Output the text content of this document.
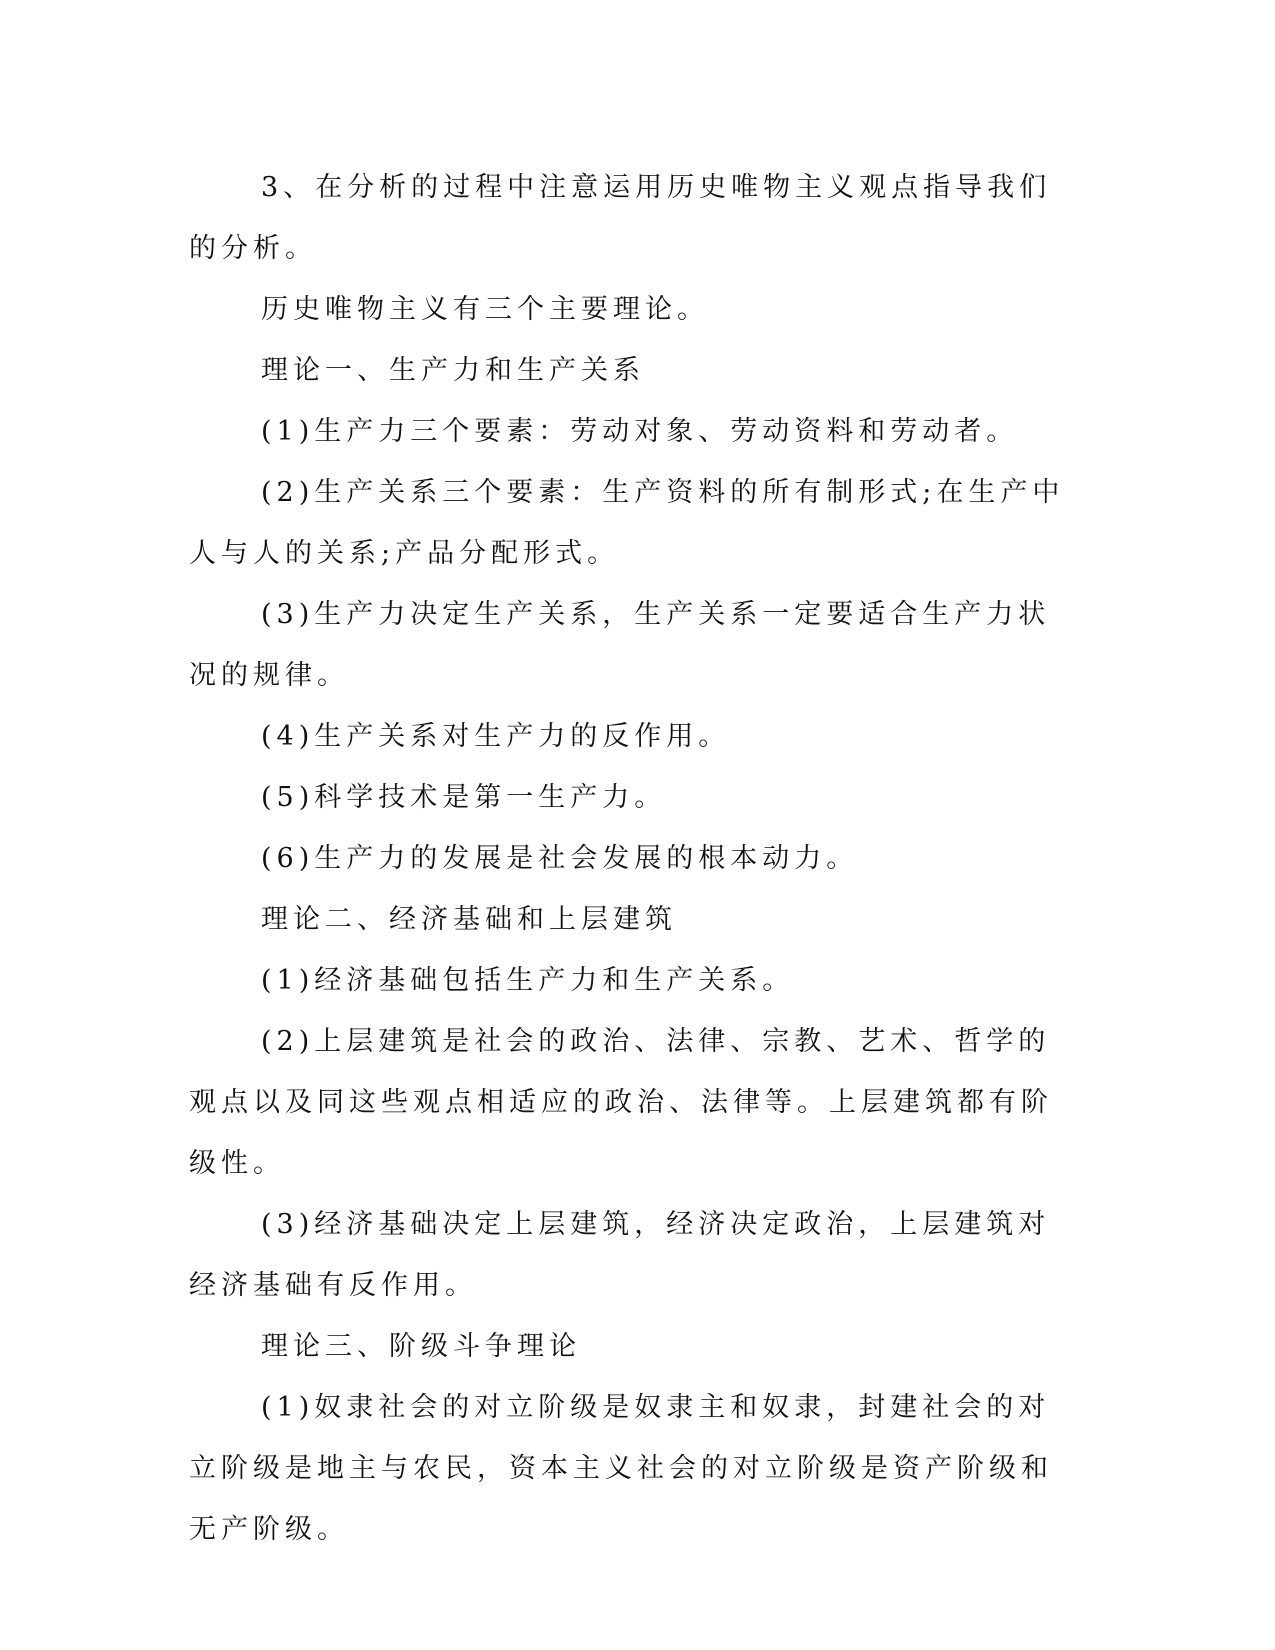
3、在分析的过程中注意运用历史唯物主义观点指导我们的分析。

历史唯物主义有三个主要理论。

理论一、生产力和生产关系

(1)生产力三个要素：劳动对象、劳动资料和劳动者。

(2)生产关系三个要素：生产资料的所有制形式;在生产中人与人的关系;产品分配形式。

(3)生产力决定生产关系，生产关系一定要适合生产力状况的规律。

(4)生产关系对生产力的反作用。

(5)科学技术是第一生产力。

(6)生产力的发展是社会发展的根本动力。

理论二、经济基础和上层建筑

(1)经济基础包括生产力和生产关系。

(2)上层建筑是社会的政治、法律、宗教、艺术、哲学的观点以及同这些观点相适应的政治、法律等。上层建筑都有阶级性。

(3)经济基础决定上层建筑，经济决定政治，上层建筑对经济基础有反作用。

理论三、阶级斗争理论

(1)奴隶社会的对立阶级是奴隶主和奴隶，封建社会的对立阶级是地主与农民，资本主义社会的对立阶级是资产阶级和无产阶级。
